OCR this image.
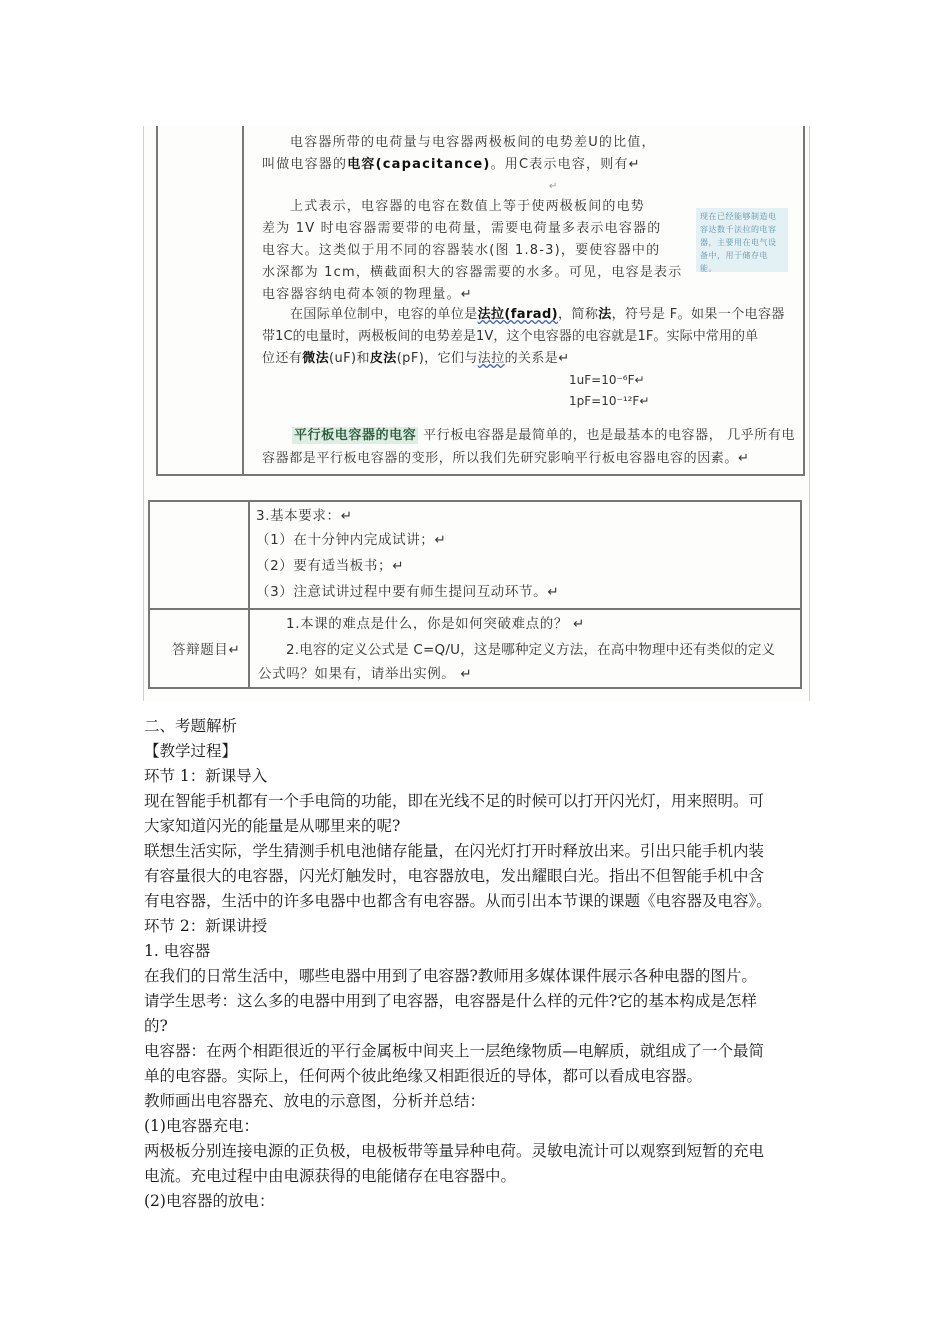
电容器所带的电荷量与电容器两极板间的电势差U的比值，
叫做电容器的电容(capacitance)。用C表示电容，则有↵
↵
上式表示，电容器的电容在数值上等于使两极板间的电势
差为 1V 时电容器需要带的电荷量，需要电荷量多表示电容器的
电容大。这类似于用不同的容器装水(图 1.8-3)，要使容器中的
水深都为 1cm，横截面积大的容器需要的水多。可见，电容是表示
电容器容纳电荷本领的物理量。↵
现在已经能够制造电容达数千法拉的电容器，主要用在电气设备中，用于储存电能。
在国际单位制中，电容的单位是法拉(farad)，简称法，符号是 F。如果一个电容器
带1C的电量时，两极板间的电势差是1V，这个电容器的电容就是1F。实际中常用的单
位还有微法(uF)和皮法(pF)，它们与法拉的关系是↵
1uF=10⁻⁶F↵
1pF=10⁻¹²F↵
平行板电容器的电容 平行板电容器是最简单的，也是最基本的电容器， 几乎所有电
容器都是平行板电容器的变形，所以我们先研究影响平行板电容器电容的因素。↵
3.基本要求：↵
（1）在十分钟内完成试讲；↵
（2）要有适当板书；↵
（3）注意试讲过程中要有师生提问互动环节。↵
答辩题目↵
1.本课的难点是什么，你是如何突破难点的？ ↵
2.电容的定义公式是 C=Q/U，这是哪种定义方法，在高中物理中还有类似的定义
公式吗？如果有，请举出实例。 ↵
二、考题解析
【教学过程】
环节 1：新课导入
现在智能手机都有一个手电筒的功能，即在光线不足的时候可以打开闪光灯，用来照明。可
大家知道闪光的能量是从哪里来的呢?
联想生活实际，学生猜测手机电池储存能量，在闪光灯打开时释放出来。引出只能手机内装
有容量很大的电容器，闪光灯触发时，电容器放电，发出耀眼白光。指出不但智能手机中含
有电容器，生活中的许多电器中也都含有电容器。从而引出本节课的课题《电容器及电容》。
环节 2：新课讲授
1. 电容器
在我们的日常生活中，哪些电器中用到了电容器?教师用多媒体课件展示各种电器的图片。
请学生思考：这么多的电器中用到了电容器，电容器是什么样的元件?它的基本构成是怎样
的?
电容器：在两个相距很近的平行金属板中间夹上一层绝缘物质—电解质，就组成了一个最简
单的电容器。实际上，任何两个彼此绝缘又相距很近的导体，都可以看成电容器。
教师画出电容器充、放电的示意图，分析并总结：
(1)电容器充电：
两极板分别连接电源的正负极，电极板带等量异种电荷。灵敏电流计可以观察到短暂的充电
电流。充电过程中由电源获得的电能储存在电容器中。
(2)电容器的放电：
